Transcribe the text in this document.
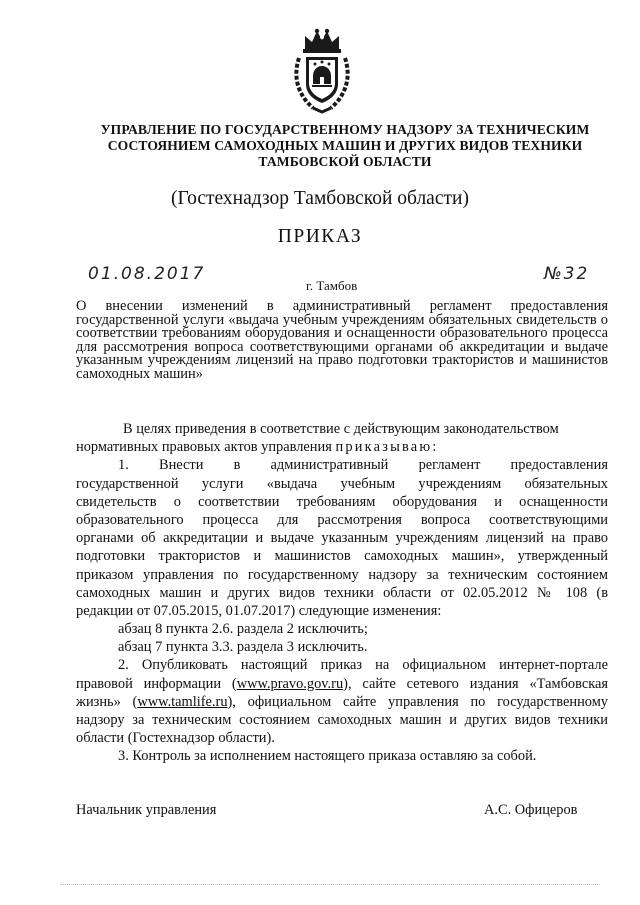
УПРАВЛЕНИЕ ПО ГОСУДАРСТВЕННОМУ НАДЗОРУ ЗА ТЕХНИЧЕСКИМ
СОСТОЯНИЕМ САМОХОДНЫХ МАШИН И ДРУГИХ ВИДОВ ТЕХНИКИ
ТАМБОВСКОЙ ОБЛАСТИ
(Гостехнадзор Тамбовской области)
ПРИКАЗ
01.08.2017
г. Тамбов
№32
О внесении изменений в административный регламент предоставления государственной услуги «выдача учебным учреждениям обязательных свидетельств о соответствии требованиям оборудования и оснащенности образовательного процесса для рассмотрения вопроса соответствующими органами об аккредитации и выдаче указанным учреждениям лицензий на право подготовки трактористов и машинистов самоходных машин»
В целях приведения в соответствие с действующим законодательством
нормативных правовых актов управления приказываю:
1. Внести в административный регламент предоставления
государственной услуги «выдача учебным учреждениям обязательных
свидетельств о соответствии требованиям оборудования и оснащенности
образовательного процесса для рассмотрения вопроса соответствующими
органами об аккредитации и выдаче указанным учреждениям лицензий на право
подготовки трактористов и машинистов самоходных машин», утвержденный
приказом управления по государственному надзору за техническим состоянием
самоходных машин и других видов техники области от 02.05.2012 № 108 (в
редакции от 07.05.2015, 01.07.2017) следующие изменения:
абзац 8 пункта 2.6. раздела 2 исключить;
абзац 7 пункта 3.3. раздела 3 исключить.
2. Опубликовать настоящий приказ на официальном интернет-портале
правовой информации (www.pravo.gov.ru), сайте сетевого издания «Тамбовская
жизнь» (www.tamlife.ru), официальном сайте управления по государственному
надзору за техническим состоянием самоходных машин и других видов техники
области (Гостехнадзор области).
3. Контроль за исполнением настоящего приказа оставляю за собой.
Начальник управления	А.С. Офицеров
